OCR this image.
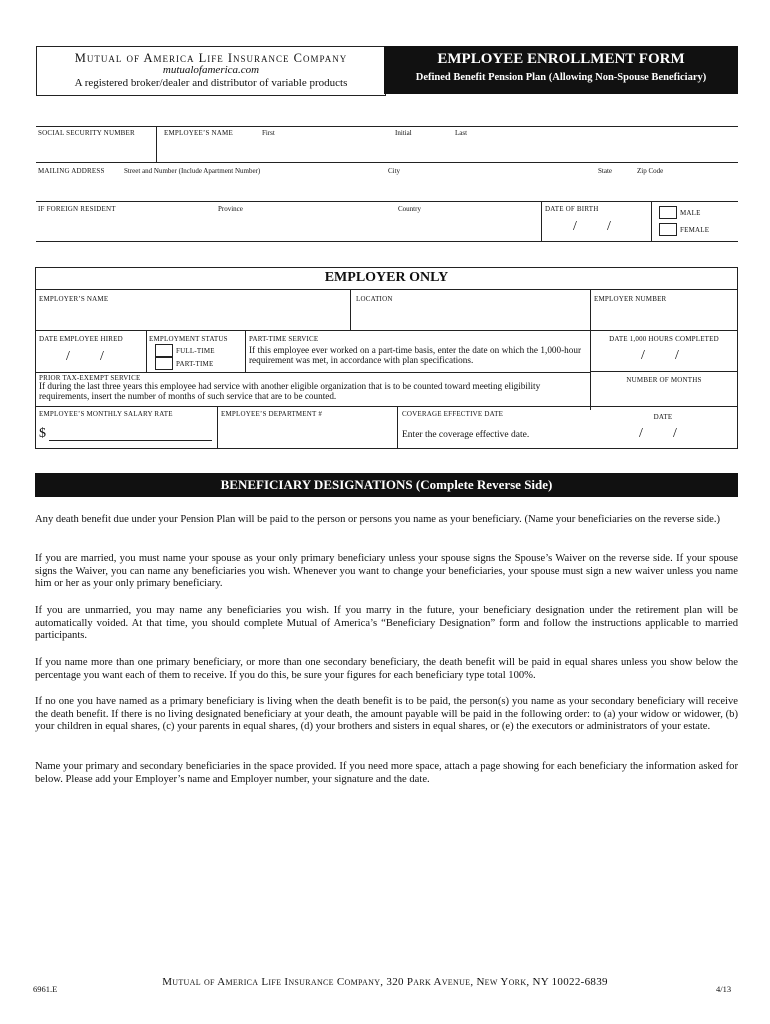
Mutual of America Life Insurance Company
mutualofamerica.com
A registered broker/dealer and distributor of variable products
EMPLOYEE ENROLLMENT FORM
Defined Benefit Pension Plan (Allowing Non-Spouse Beneficiary)
SOCIAL SECURITY NUMBER	EMPLOYEE’S NAME	First	Initial	Last
MAILING ADDRESS	Street and Number (Include Apartment Number)	City	State	Zip Code
IF FOREIGN RESIDENT	Province	Country	DATE OF BIRTH
/ /
MALE
FEMALE
EMPLOYER ONLY
EMPLOYER’S NAME	LOCATION	EMPLOYER NUMBER
DATE EMPLOYEE HIRED
/ /
EMPLOYMENT STATUS
FULL-TIME
PART-TIME
PART-TIME SERVICE
If this employee ever worked on a part-time basis, enter the date on which the 1,000-hour requirement was met, in accordance with plan specifications.
DATE 1,000 HOURS COMPLETED
/ /
NUMBER OF MONTHS
PRIOR TAX-EXEMPT SERVICE
If during the last three years this employee had service with another eligible organization that is to be counted toward meeting eligibility requirements, insert the number of months of such service that are to be counted.
EMPLOYEE’S MONTHLY SALARY RATE
$
EMPLOYEE’S DEPARTMENT #	COVERAGE EFFECTIVE DATE
Enter the coverage effective date.
DATE
/ /
BENEFICIARY DESIGNATIONS (Complete Reverse Side)
Any death benefit due under your Pension Plan will be paid to the person or persons you name as your beneficiary. (Name your beneficiaries on the reverse side.)
If you are married, you must name your spouse as your only primary beneficiary unless your spouse signs the Spouse’s Waiver on the reverse side. If your spouse signs the Waiver, you can name any beneficiaries you wish. Whenever you want to change your beneficiaries, your spouse must sign a new waiver unless you name him or her as your only primary beneficiary.
If you are unmarried, you may name any beneficiaries you wish. If you marry in the future, your beneficiary designation under the retirement plan will be automatically voided. At that time, you should complete Mutual of America’s “Beneficiary Designation” form and follow the instructions applicable to married participants.
If you name more than one primary beneficiary, or more than one secondary beneficiary, the death benefit will be paid in equal shares unless you show below the percentage you want each of them to receive. If you do this, be sure your figures for each beneficiary type total 100%.
If no one you have named as a primary beneficiary is living when the death benefit is to be paid, the person(s) you name as your secondary beneficiary will receive the death benefit. If there is no living designated beneficiary at your death, the amount payable will be paid in the following order: to (a) your widow or widower, (b) your children in equal shares, (c) your parents in equal shares, (d) your brothers and sisters in equal shares, or (e) the executors or administrators of your estate.
Name your primary and secondary beneficiaries in the space provided. If you need more space, attach a page showing for each beneficiary the information asked for below. Please add your Employer’s name and Employer number, your signature and the date.
6961.E
Mutual of America Life Insurance Company, 320 Park Avenue, New York, NY 10022-6839
4/13
